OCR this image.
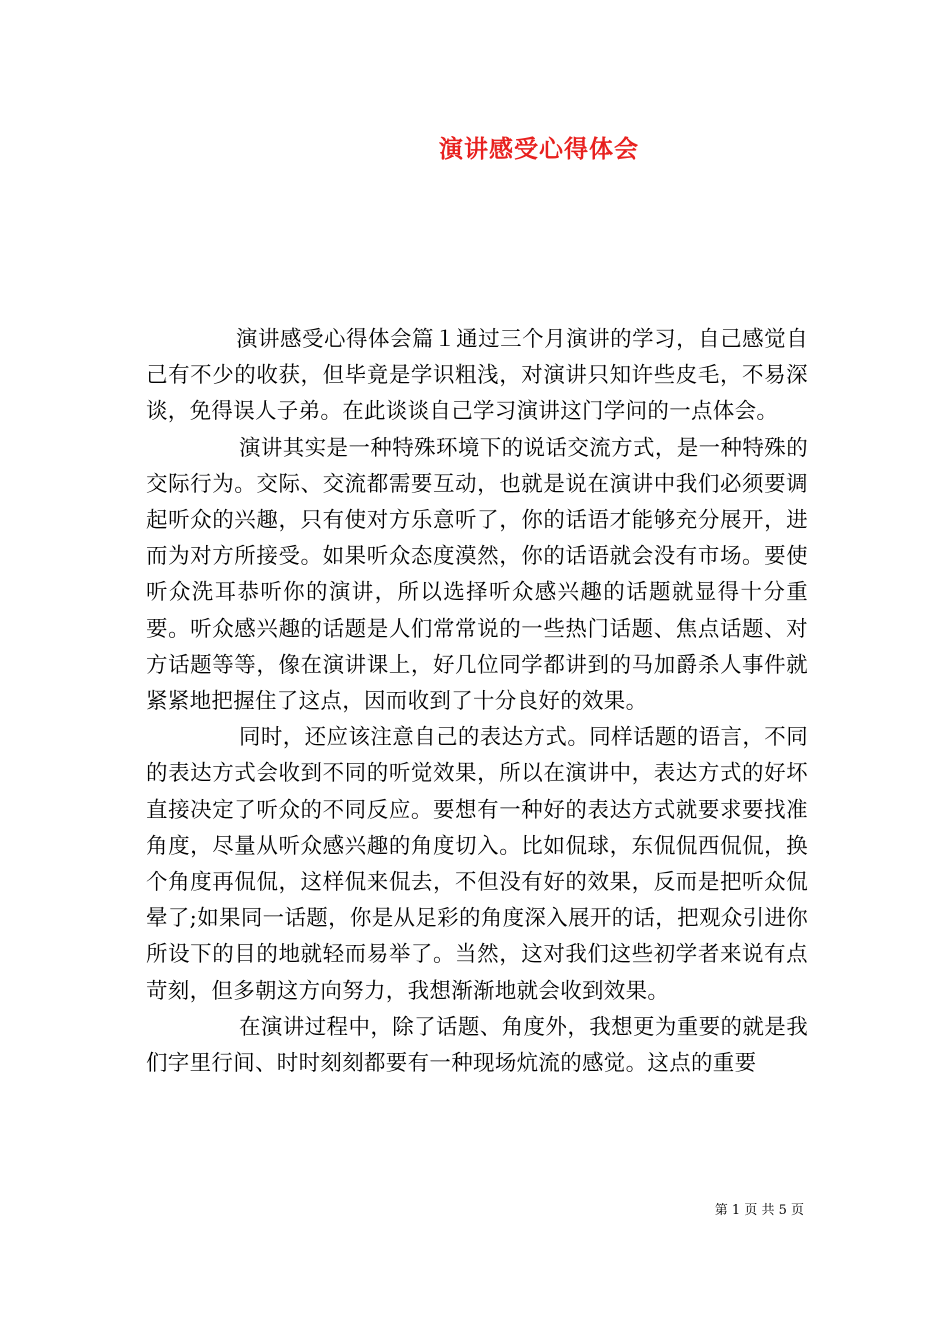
演讲感受心得体会

演讲感受心得体会篇１通过三个月演讲的学习，自己感觉自己有不少的收获，但毕竟是学识粗浅，对演讲只知许些皮毛，不易深谈，免得误人子弟。在此谈谈自己学习演讲这门学问的一点体会。

演讲其实是一种特殊环境下的说话交流方式，是一种特殊的交际行为。交际、交流都需要互动，也就是说在演讲中我们必须要调起听众的兴趣，只有使对方乐意听了，你的话语才能够充分展开，进而为对方所接受。如果听众态度漠然，你的话语就会没有市场。要使听众洗耳恭听你的演讲，所以选择听众感兴趣的话题就显得十分重要。听众感兴趣的话题是人们常常说的一些热门话题、焦点话题、对方话题等等，像在演讲课上，好几位同学都讲到的马加爵杀人事件就紧紧地把握住了这点，因而收到了十分良好的效果。

同时，还应该注意自己的表达方式。同样话题的语言，不同的表达方式会收到不同的听觉效果，所以在演讲中，表达方式的好坏直接决定了听众的不同反应。要想有一种好的表达方式就要求要找准角度，尽量从听众感兴趣的角度切入。比如侃球，东侃侃西侃侃，换个角度再侃侃，这样侃来侃去，不但没有好的效果，反而是把听众侃晕了;如果同一话题，你是从足彩的角度深入展开的话，把观众引进你所设下的目的地就轻而易举了。当然，这对我们这些初学者来说有点苛刻，但多朝这方向努力，我想渐渐地就会收到效果。

在演讲过程中，除了话题、角度外，我想更为重要的就是我们字里行间、时时刻刻都要有一种现场炕流的感觉。这点的重要

第 1 页 共 5 页
